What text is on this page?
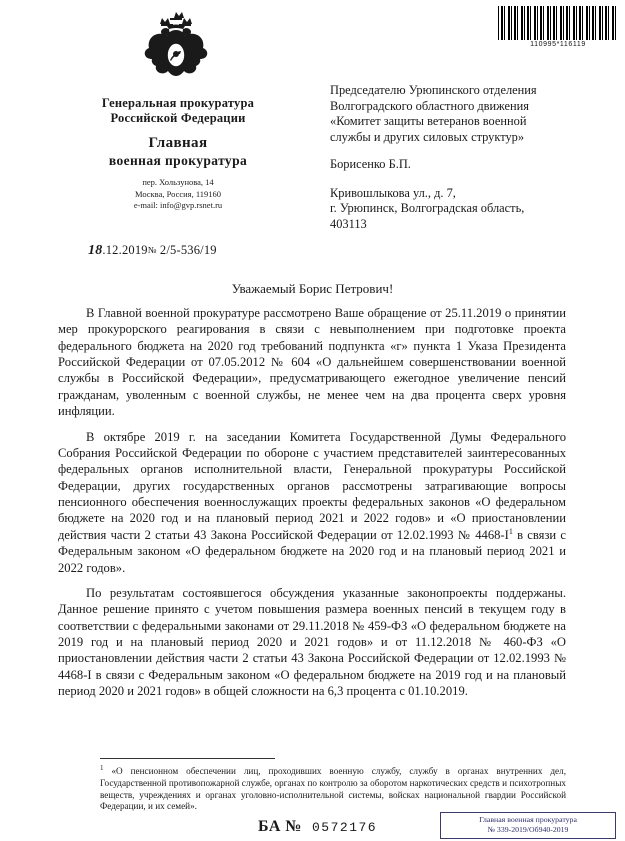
110995*116119
Генеральная прокуратура
Российской Федерации
Главная
военная прокуратура
пер. Хользунова, 14
Москва, Россия, 119160
e-mail: info@gvp.rsnet.ru
18.12.2019№ 2/5-536/19
Председателю Урюпинского отделения
Волгоградского областного движения
«Комитет защиты ветеранов военной
службы и других силовых структур»
Борисенко Б.П.
Кривошлыкова ул., д. 7,
г. Урюпинск, Волгоградская область,
403113
Уважаемый Борис Петрович!

В Главной военной прокуратуре рассмотрено Ваше обращение от 25.11.2019 о принятии мер прокурорского реагирования в связи с невыполнением при подготовке проекта федерального бюджета на 2020 год требований подпункта «г» пункта 1 Указа Президента Российской Федерации от 07.05.2012 № 604 «О дальнейшем совершенствовании военной службы в Российской Федерации», предусматривающего ежегодное увеличение пенсий гражданам, уволенным с военной службы, не менее чем на два процента сверх уровня инфляции.

В октябре 2019 г. на заседании Комитета Государственной Думы Федерального Собрания Российской Федерации по обороне с участием представителей заинтересованных федеральных органов исполнительной власти, Генеральной прокуратуры Российской Федерации, других государственных органов рассмотрены затрагивающие вопросы пенсионного обеспечения военнослужащих проекты федеральных законов «О федеральном бюджете на 2020 год и на плановый период 2021 и 2022 годов» и «О приостановлении действия части 2 статьи 43 Закона Российской Федерации от 12.02.1993 № 4468-I$^1$ в связи с Федеральным законом «О федеральном бюджете на 2020 год и на плановый период 2021 и 2022 годов».

По результатам состоявшегося обсуждения указанные законопроекты поддержаны. Данное решение принято с учетом повышения размера военных пенсий в текущем году в соответствии с федеральными законами от 29.11.2018 № 459-ФЗ «О федеральном бюджете на 2019 год и на плановый период 2020 и 2021 годов» и от 11.12.2018 № 460-ФЗ «О приостановлении действия части 2 статьи 43 Закона Российской Федерации от 12.02.1993 № 4468-I в связи с Федеральным законом «О федеральном бюджете на 2019 год и на плановый период 2020 и 2021 годов» в общей сложности на 6,3 процента с 01.10.2019.

$^1$ «О пенсионном обеспечении лиц, проходивших военную службу, службу в органах внутренних дел, Государственной противопожарной службе, органах по контролю за оборотом наркотических средств и психотропных веществ, учреждениях и органах уголовно-исполнительной системы, войсках национальной гвардии Российской Федерации, и их семей».
БА № 0572176
Главная военная прокуратура
№ 339-2019/Об940-2019
